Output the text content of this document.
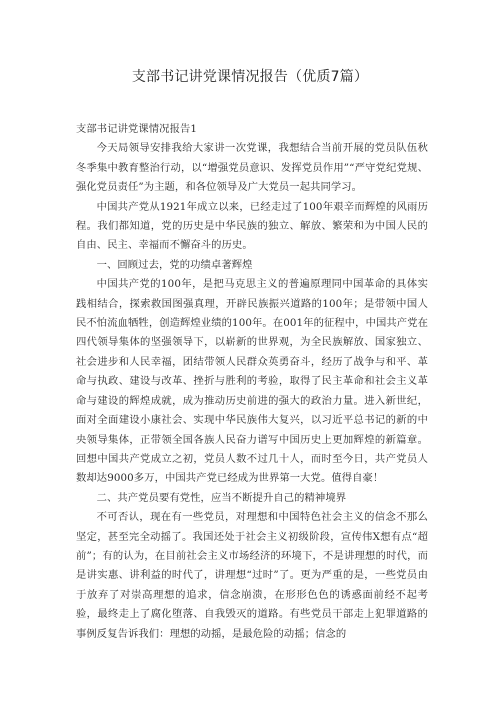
支部书记讲党课情况报告（优质7篇）

支部书记讲党课情况报告1

今天局领导安排我给大家讲一次党课，我想结合当前开展的党员队伍秋冬季集中教育整治行动，以“增强党员意识、发挥党员作用”“严守党纪党规、强化党员责任”为主题，和各位领导及广大党员一起共同学习。

中国共产党从1921年成立以来，已经走过了100年艰辛而辉煌的风雨历程。我们都知道，党的历史是中华民族的独立、解放、繁荣和为中国人民的自由、民主、幸福而不懈奋斗的历史。

一、回顾过去，党的功绩卓著辉煌

中国共产党的100年，是把马克思主义的普遍原理同中国革命的具体实践相结合，探索救国图强真理，开辟民族振兴道路的100年；是带领中国人民不怕流血牺牲，创造辉煌业绩的100年。在001年的征程中，中国共产党在四代领导集体的坚强领导下，以崭新的世界观，为全民族解放、国家独立、社会进步和人民幸福，团结带领人民群众英勇奋斗，经历了战争与和平、革命与执政、建设与改革、挫折与胜利的考验，取得了民主革命和社会主义革命与建设的辉煌成就，成为推动历史前进的强大的政治力量。进入新世纪，面对全面建设小康社会、实现中华民族伟大复兴，以习近平总书记的新的中央领导集体，正带领全国各族人民奋力谱写中国历史上更加辉煌的新篇章。回想中国共产党成立之初，党员人数不过几十人，而时至今日，共产党员人数却达9000多万，中国共产党已经成为世界第一大党。值得自豪！

二、共产党员要有党性，应当不断提升自己的精神境界

不可否认，现在有一些党员，对理想和中国特色社会主义的信念不那么坚定，甚至完全动摇了。我国还处于社会主义初级阶段，宣传伟X想有点“超前”；有的认为，在目前社会主义市场经济的环境下，不是讲理想的时代，而是讲实惠、讲利益的时代了，讲理想“过时”了。更为严重的是，一些党员由于放弃了对崇高理想的追求，信念崩溃，在形形色色的诱惑面前经不起考验，最终走上了腐化堕落、自我毁灭的道路。有些党员干部走上犯罪道路的事例反复告诉我们：理想的动摇，是最危险的动摇；信念的
